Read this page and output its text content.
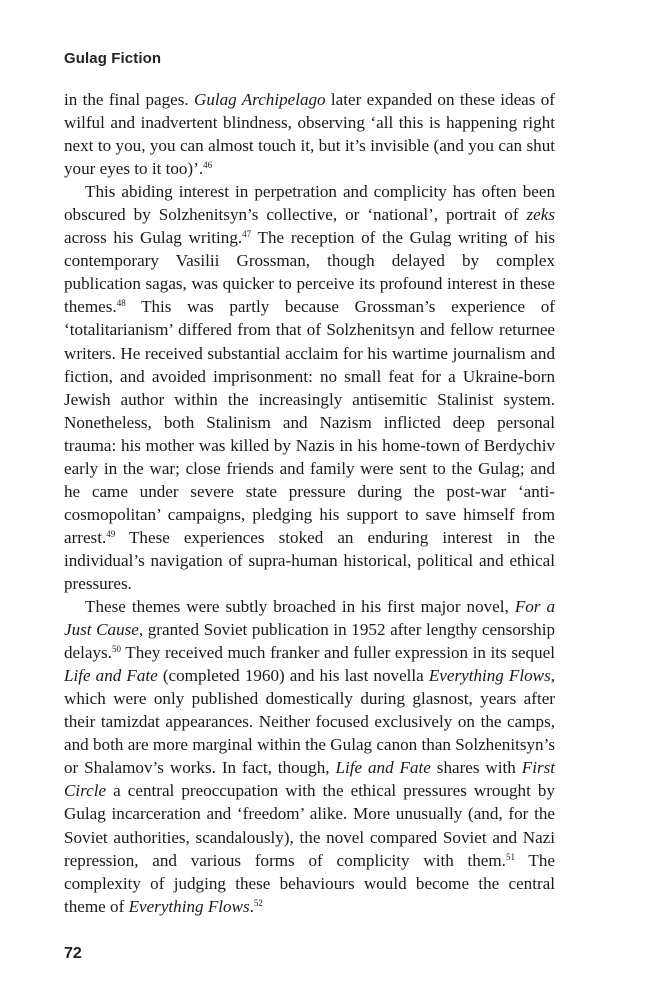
Gulag Fiction

in the final pages. Gulag Archipelago later expanded on these ideas of wilful and inadvertent blindness, observing ‘all this is happening right next to you, you can almost touch it, but it’s invisible (and you can shut your eyes to it too)’.$^{46}$

This abiding interest in perpetration and complicity has often been obscured by Solzhenitsyn’s collective, or ‘national’, portrait of zeks across his Gulag writing.$^{47}$ The reception of the Gulag writing of his contemporary Vasilii Grossman, though delayed by complex publication sagas, was quicker to perceive its profound interest in these themes.$^{48}$ This was partly because Grossman’s experience of ‘totalitarianism’ differed from that of Solzhenitsyn and fellow returnee writers. He received substantial acclaim for his wartime journalism and fiction, and avoided imprisonment: no small feat for a Ukraine-born Jewish author within the increasingly antisemitic Stalinist system. Nonetheless, both Stalinism and Nazism inflicted deep personal trauma: his mother was killed by Nazis in his home-town of Berdychiv early in the war; close friends and family were sent to the Gulag; and he came under severe state pressure during the post-war ‘anti-cosmopolitan’ campaigns, pledging his support to save himself from arrest.$^{49}$ These experiences stoked an enduring interest in the individual’s navigation of supra-human historical, political and ethical pressures.

These themes were subtly broached in his first major novel, For a Just Cause, granted Soviet publication in 1952 after lengthy censorship delays.$^{50}$ They received much franker and fuller expression in its sequel Life and Fate (completed 1960) and his last novella Everything Flows, which were only published domestically during glasnost, years after their tamizdat appearances. Neither focused exclusively on the camps, and both are more marginal within the Gulag canon than Solzhenitsyn’s or Shalamov’s works. In fact, though, Life and Fate shares with First Circle a central preoccupation with the ethical pressures wrought by Gulag incarceration and ‘freedom’ alike. More unusually (and, for the Soviet authorities, scandalously), the novel compared Soviet and Nazi repression, and various forms of complicity with them.$^{51}$ The complexity of judging these behaviours would become the central theme of Everything Flows.$^{52}$

72
